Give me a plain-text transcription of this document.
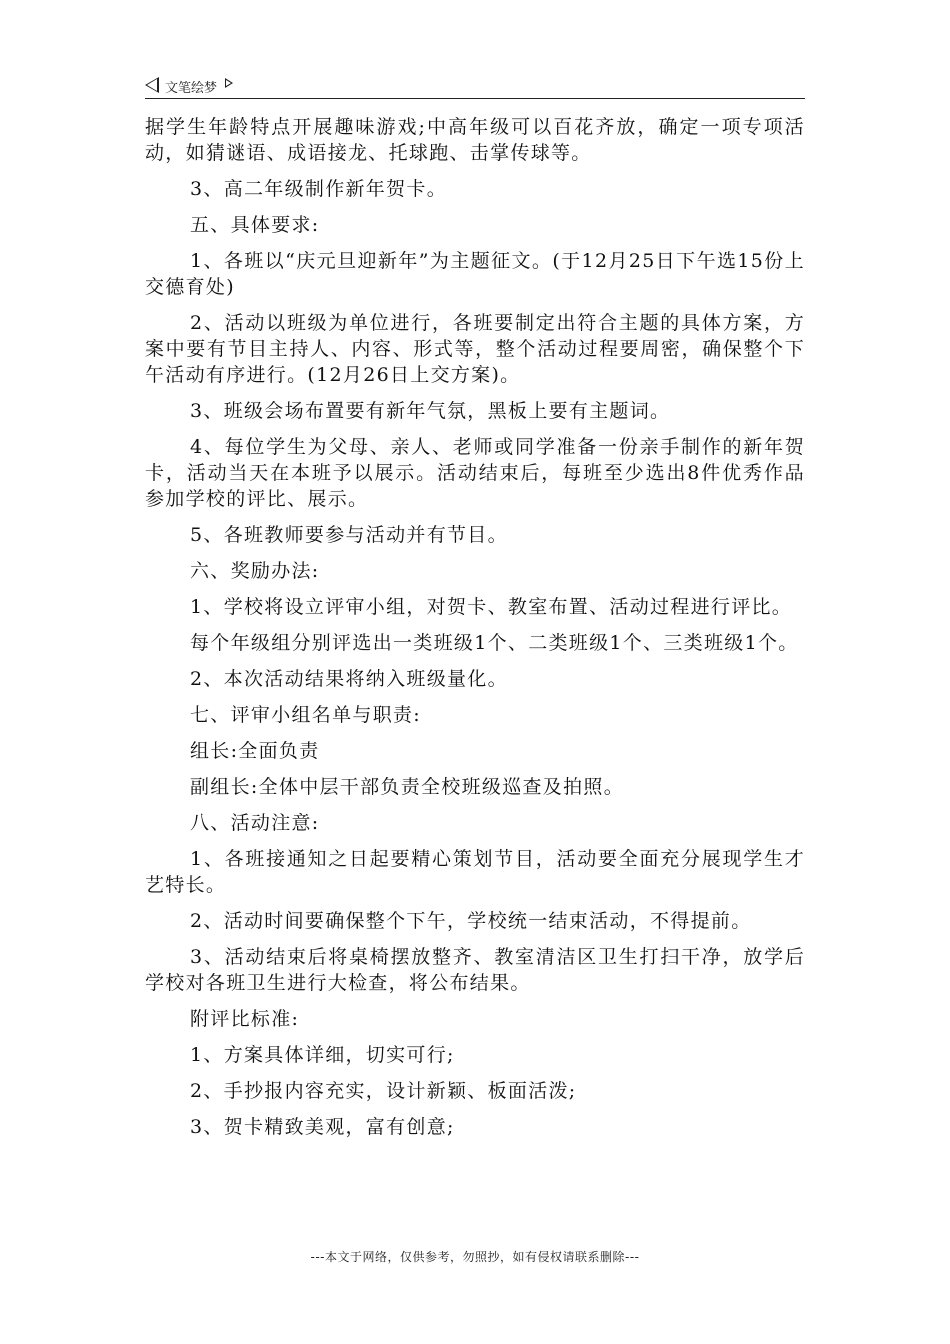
文笔绘梦

据学生年龄特点开展趣味游戏;中高年级可以百花齐放，确定一项专项活动，如猜谜语、成语接龙、托球跑、击掌传球等。

3、高二年级制作新年贺卡。

五、具体要求:

1、各班以“庆元旦迎新年”为主题征文。(于12月25日下午选15份上交德育处)

2、活动以班级为单位进行，各班要制定出符合主题的具体方案，方案中要有节目主持人、内容、形式等，整个活动过程要周密，确保整个下午活动有序进行。(12月26日上交方案)。

3、班级会场布置要有新年气氛，黑板上要有主题词。

4、每位学生为父母、亲人、老师或同学准备一份亲手制作的新年贺卡，活动当天在本班予以展示。活动结束后，每班至少选出8件优秀作品参加学校的评比、展示。

5、各班教师要参与活动并有节目。

六、奖励办法:

1、学校将设立评审小组，对贺卡、教室布置、活动过程进行评比。

每个年级组分别评选出一类班级1个、二类班级1个、三类班级1个。

2、本次活动结果将纳入班级量化。

七、评审小组名单与职责:

组长:全面负责

副组长:全体中层干部负责全校班级巡查及拍照。

八、活动注意:

1、各班接通知之日起要精心策划节目，活动要全面充分展现学生才艺特长。

2、活动时间要确保整个下午，学校统一结束活动，不得提前。

3、活动结束后将桌椅摆放整齐、教室清洁区卫生打扫干净，放学后学校对各班卫生进行大检查，将公布结果。

附评比标准:

1、方案具体详细，切实可行;

2、手抄报内容充实，设计新颖、板面活泼;

3、贺卡精致美观，富有创意;

---本文于网络，仅供参考，勿照抄，如有侵权请联系删除---
